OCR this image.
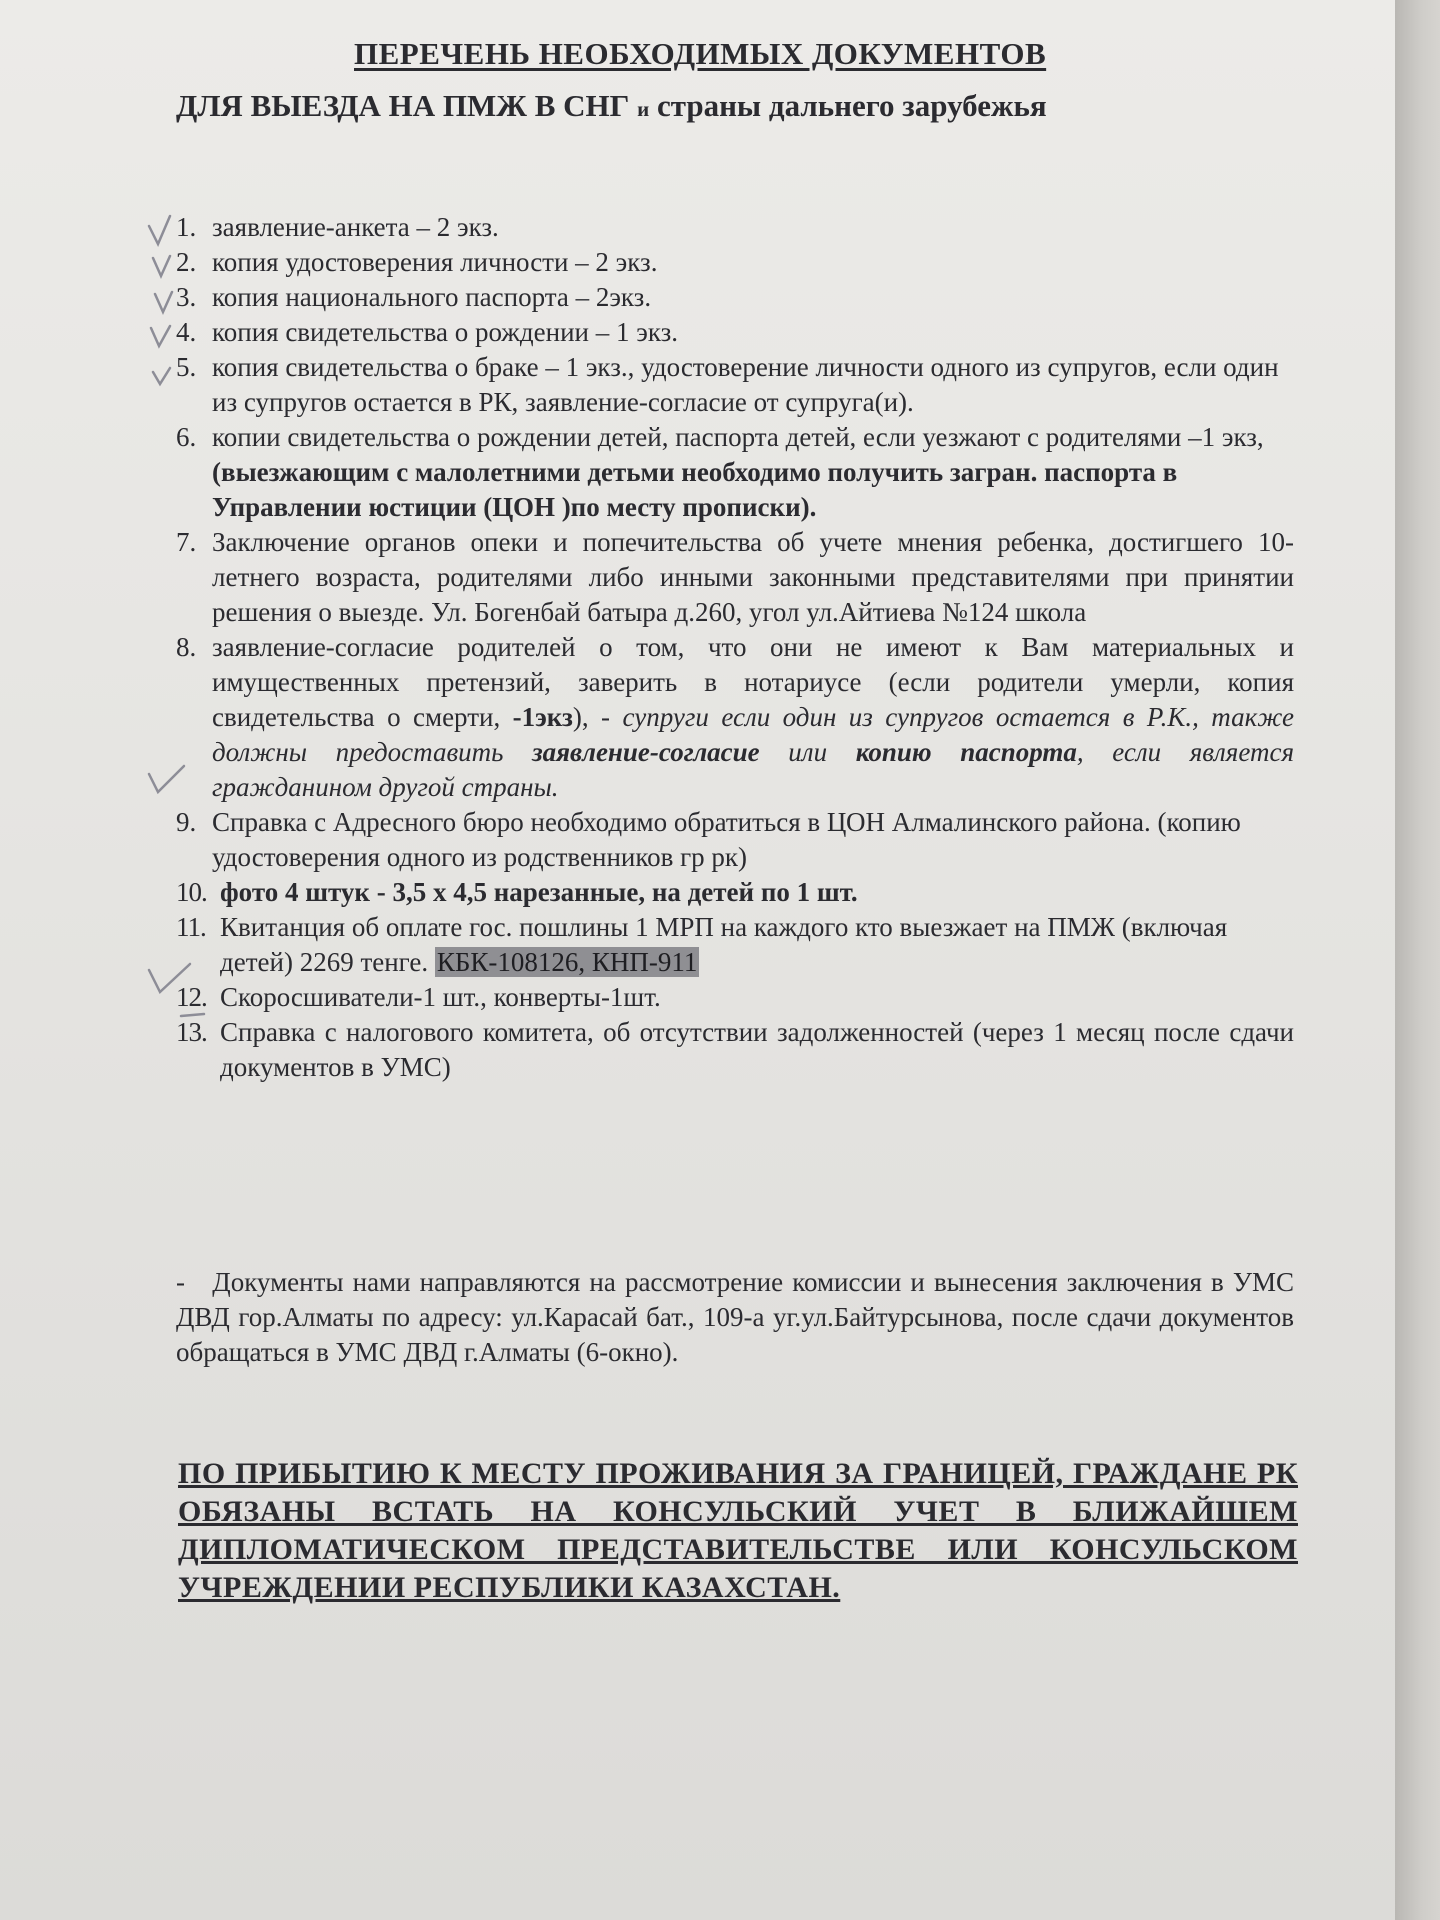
ПЕРЕЧЕНЬ НЕОБХОДИМЫХ ДОКУМЕНТОВ
ДЛЯ ВЫЕЗДА НА ПМЖ В СНГ и страны дальнего зарубежья
1. заявление-анкета – 2 экз.
2. копия удостоверения личности – 2 экз.
3. копия национального паспорта – 2экз.
4. копия свидетельства о рождении – 1 экз.
5. копия свидетельства о браке – 1 экз., удостоверение личности одного из супругов, если один из супругов остается в РК, заявление-согласие от супруга(и).
6. копии свидетельства о рождении детей, паспорта детей, если уезжают с родителями –1 экз, (выезжающим с малолетними детьми необходимо получить загран. паспорта в Управлении юстиции (ЦОН )по месту прописки).
7. Заключение органов опеки и попечительства об учете мнения ребенка, достигшего 10-летнего возраста, родителями либо инными законными представителями при принятии решения о выезде. Ул. Богенбай батыра д.260, угол ул.Айтиева №124 школа
8. заявление-согласие родителей о том, что они не имеют к Вам материальных и имущественных претензий, заверить в нотариусе (если родители умерли, копия свидетельства о смерти, -1экз), - супруги если один из супругов остается в Р.К., также должны предоставить заявление-согласие или копию паспорта, если является гражданином другой страны.
9. Справка с Адресного бюро необходимо обратиться в ЦОН Алмалинского района. (копию удостоверения одного из родственников гр рк)
10. фото 4 штук - 3,5 х 4,5 нарезанные, на детей по 1 шт.
11. Квитанция об оплате гос. пошлины 1 МРП на каждого кто выезжает на ПМЖ (включая детей) 2269 тенге. КБК-108126, КНП-911
12. Скоросшиватели-1 шт., конверты-1шт.
13. Справка с налогового комитета, об отсутствии задолженностей (через 1 месяц после сдачи документов в УМС)
- Документы нами направляются на рассмотрение комиссии и вынесения заключения в УМС ДВД гор.Алматы по адресу: ул.Карасай бат., 109-а уг.ул.Байтурсынова, после сдачи документов обращаться в УМС ДВД г.Алматы (6-окно).
ПО ПРИБЫТИЮ К МЕСТУ ПРОЖИВАНИЯ ЗА ГРАНИЦЕЙ, ГРАЖДАНЕ РК ОБЯЗАНЫ ВСТАТЬ НА КОНСУЛЬСКИЙ УЧЕТ В БЛИЖАЙШЕМ ДИПЛОМАТИЧЕСКОМ ПРЕДСТАВИТЕЛЬСТВЕ ИЛИ КОНСУЛЬСКОМ УЧРЕЖДЕНИИ РЕСПУБЛИКИ КАЗАХСТАН.
